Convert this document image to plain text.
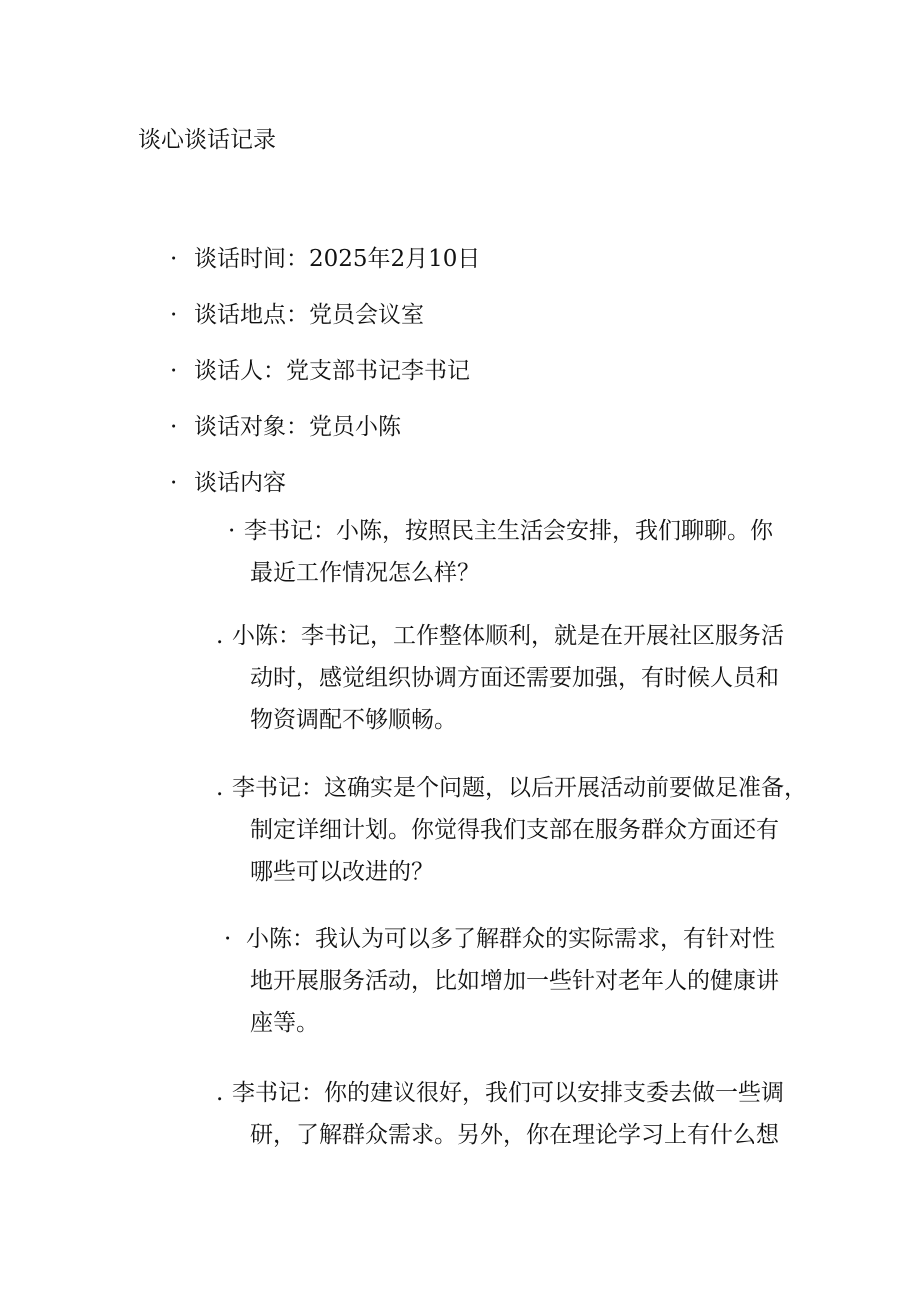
谈心谈话记录
· 谈话时间：2025年2月10日
· 谈话地点：党员会议室
· 谈话人：党支部书记李书记
· 谈话对象：党员小陈
· 谈话内容
· 李书记：小陈，按照民主生活会安排，我们聊聊。你
最近工作情况怎么样？
. 小陈：李书记，工作整体顺利，就是在开展社区服务活
动时，感觉组织协调方面还需要加强，有时候人员和
物资调配不够顺畅。
. 李书记：这确实是个问题，以后开展活动前要做足准备，
制定详细计划。你觉得我们支部在服务群众方面还有
哪些可以改进的？
· 小陈：我认为可以多了解群众的实际需求，有针对性
地开展服务活动，比如增加一些针对老年人的健康讲
座等。
. 李书记：你的建议很好，我们可以安排支委去做一些调
研，了解群众需求。另外，你在理论学习上有什么想
